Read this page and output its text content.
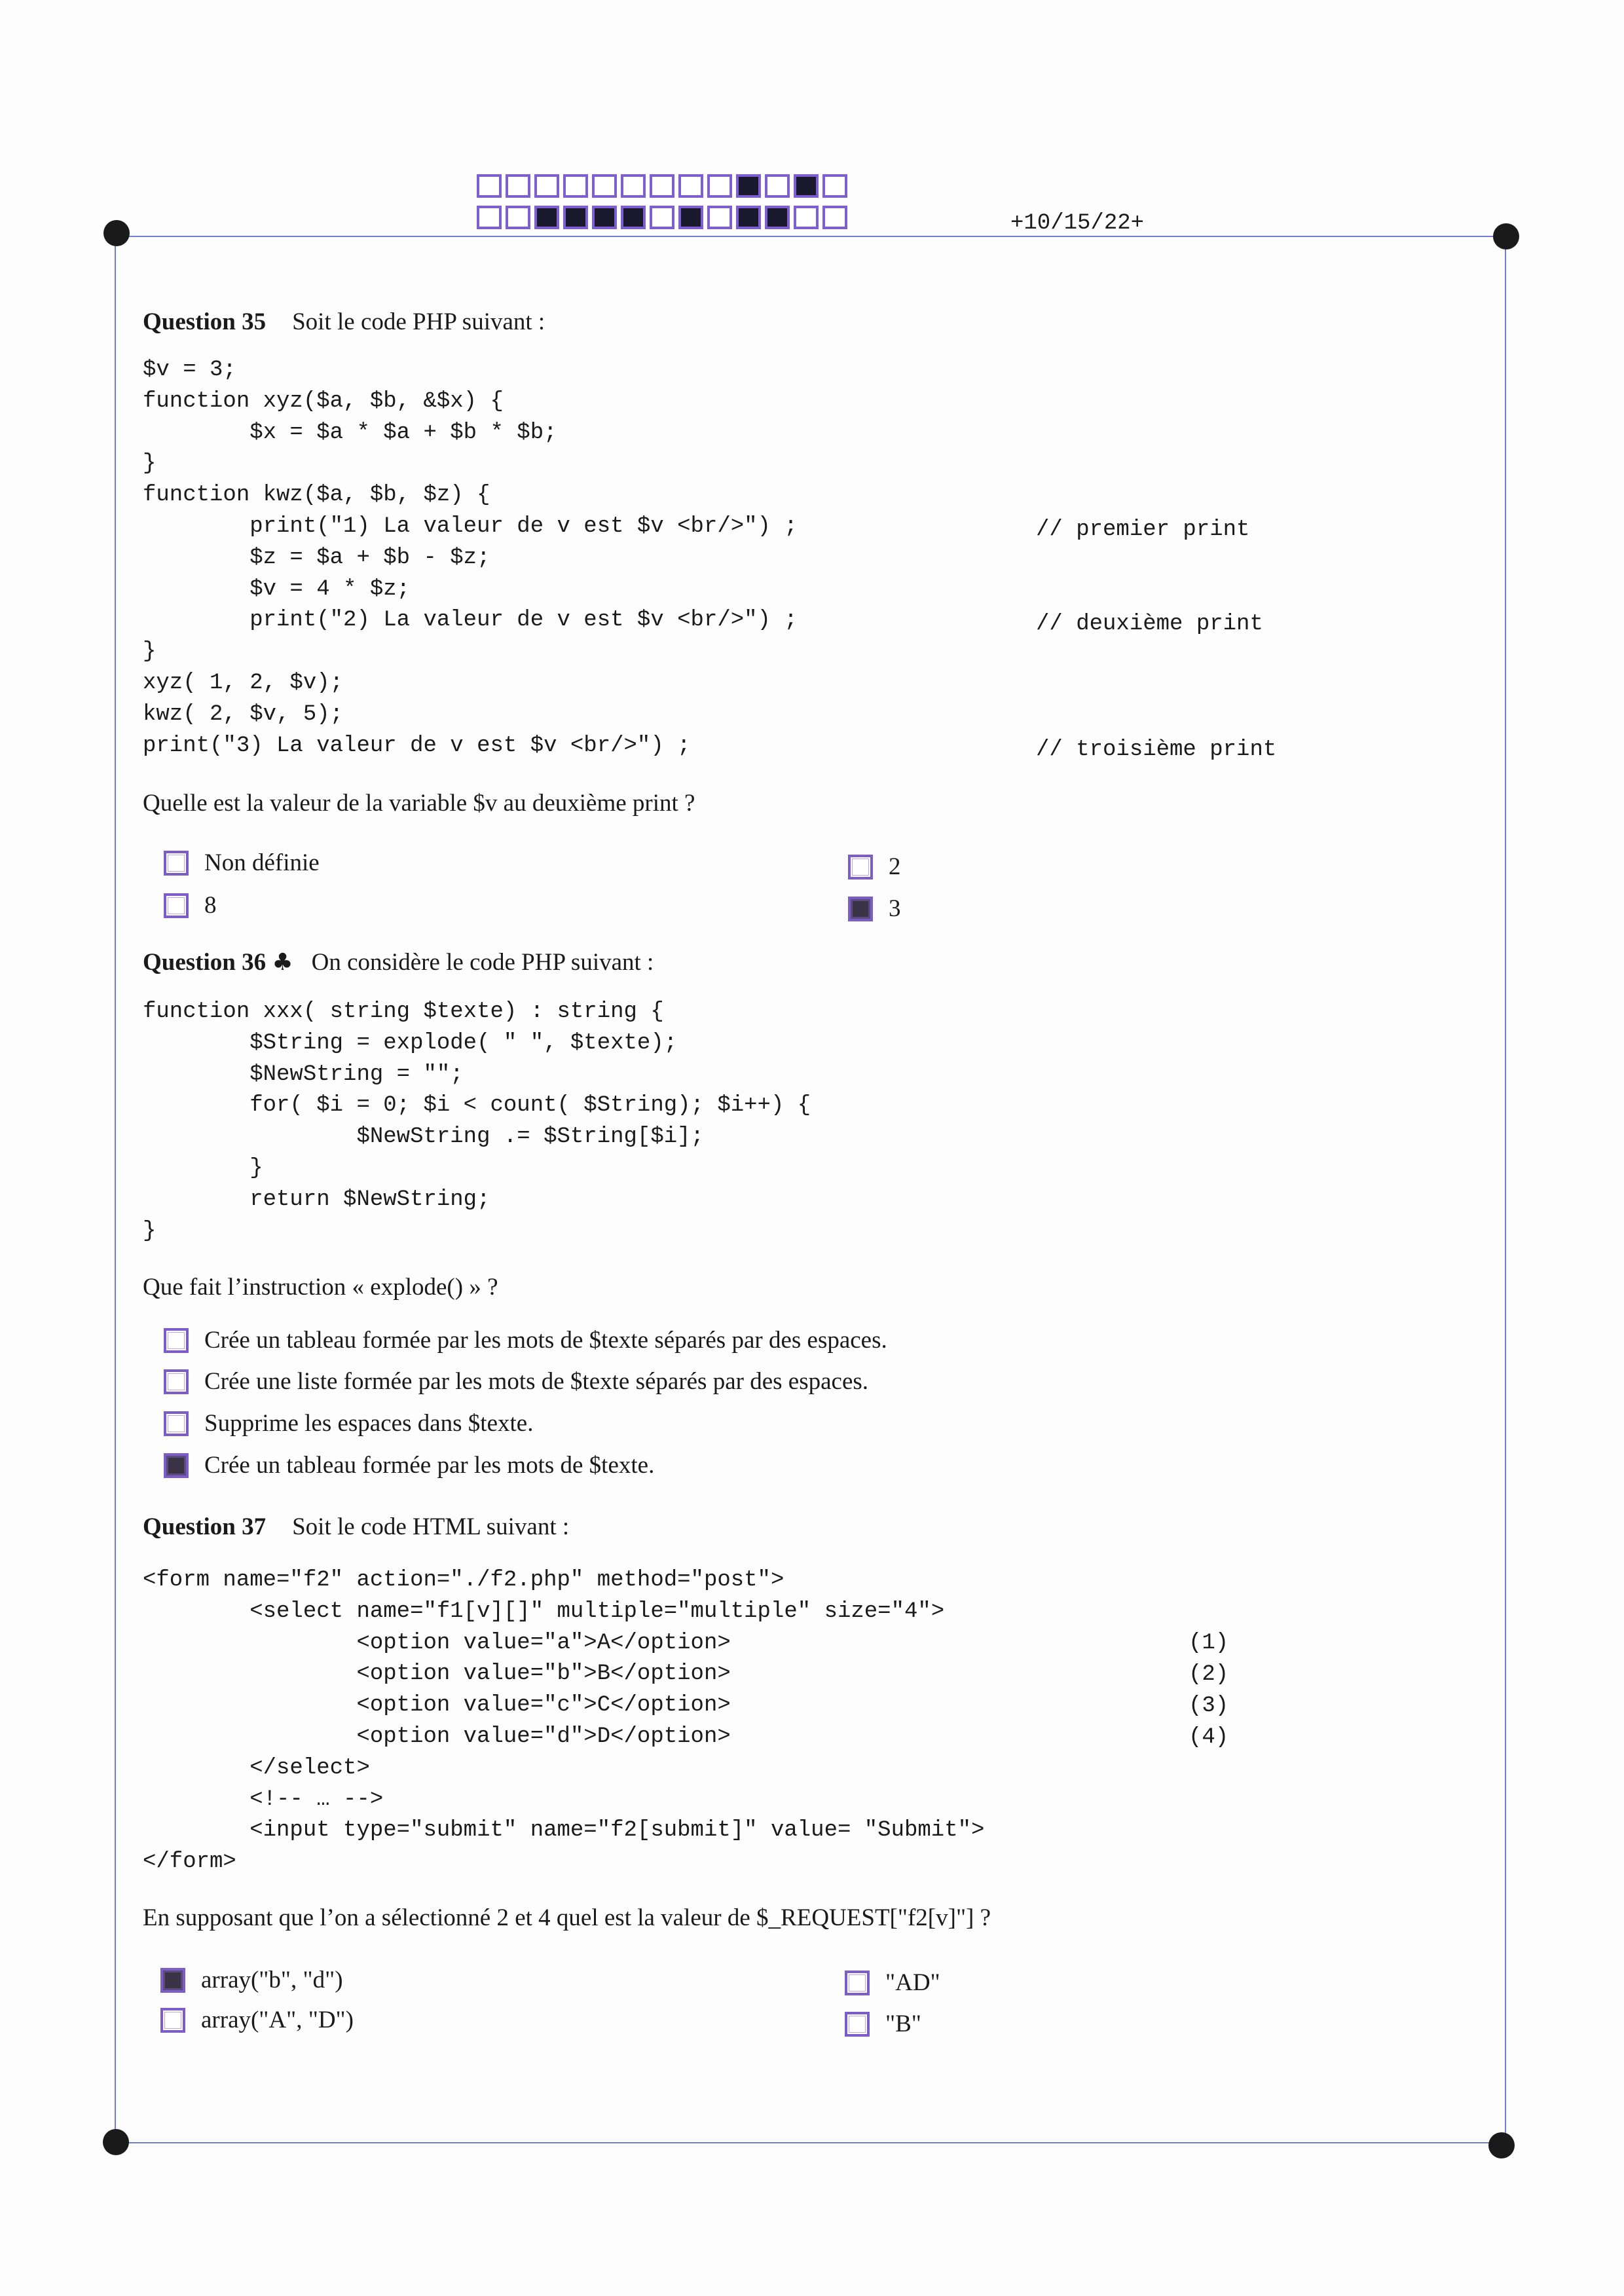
+10/15/22+
Question 35 Soit le code PHP suivant :
$v = 3;
function xyz($a, $b, &$x) {
$x = $a * $a + $b * $b;
}
function kwz($a, $b, $z) {
print("1) La valeur de v est $v <br/>") ;
$z = $a + $b - $z;
$v = 4 * $z;
print("2) La valeur de v est $v <br/>") ;
}
xyz( 1, 2, $v);
kwz( 2, $v, 5);
print("3) La valeur de v est $v <br/>") ;
// premier print
// deuxième print
// troisième print
Quelle est la valeur de la variable $v au deuxième print ?
Non définie
8
2
3
Question 36 ♣ On considère le code PHP suivant :
function xxx( string $texte) : string {
$String = explode( " ", $texte);
$NewString = "";
for( $i = 0; $i < count( $String); $i++) {
$NewString .= $String[$i];
}
return $NewString;
}
Que fait l’instruction « explode() » ?
Crée un tableau formée par les mots de $texte séparés par des espaces.
Crée une liste formée par les mots de $texte séparés par des espaces.
Supprime les espaces dans $texte.
Crée un tableau formée par les mots de $texte.
Question 37 Soit le code HTML suivant :
<form name="f2" action="./f2.php" method="post">
<select name="f1[v][]" multiple="multiple" size="4">
<option value="a">A</option>
<option value="b">B</option>
<option value="c">C</option>
<option value="d">D</option>
</select>
<!-- … -->
<input type="submit" name="f2[submit]" value= "Submit">
</form>
(1)
(2)
(3)
(4)
En supposant que l’on a sélectionné 2 et 4 quel est la valeur de $_REQUEST["f2[v]"] ?
array("b", "d")
array("A", "D")
"AD"
"B"
